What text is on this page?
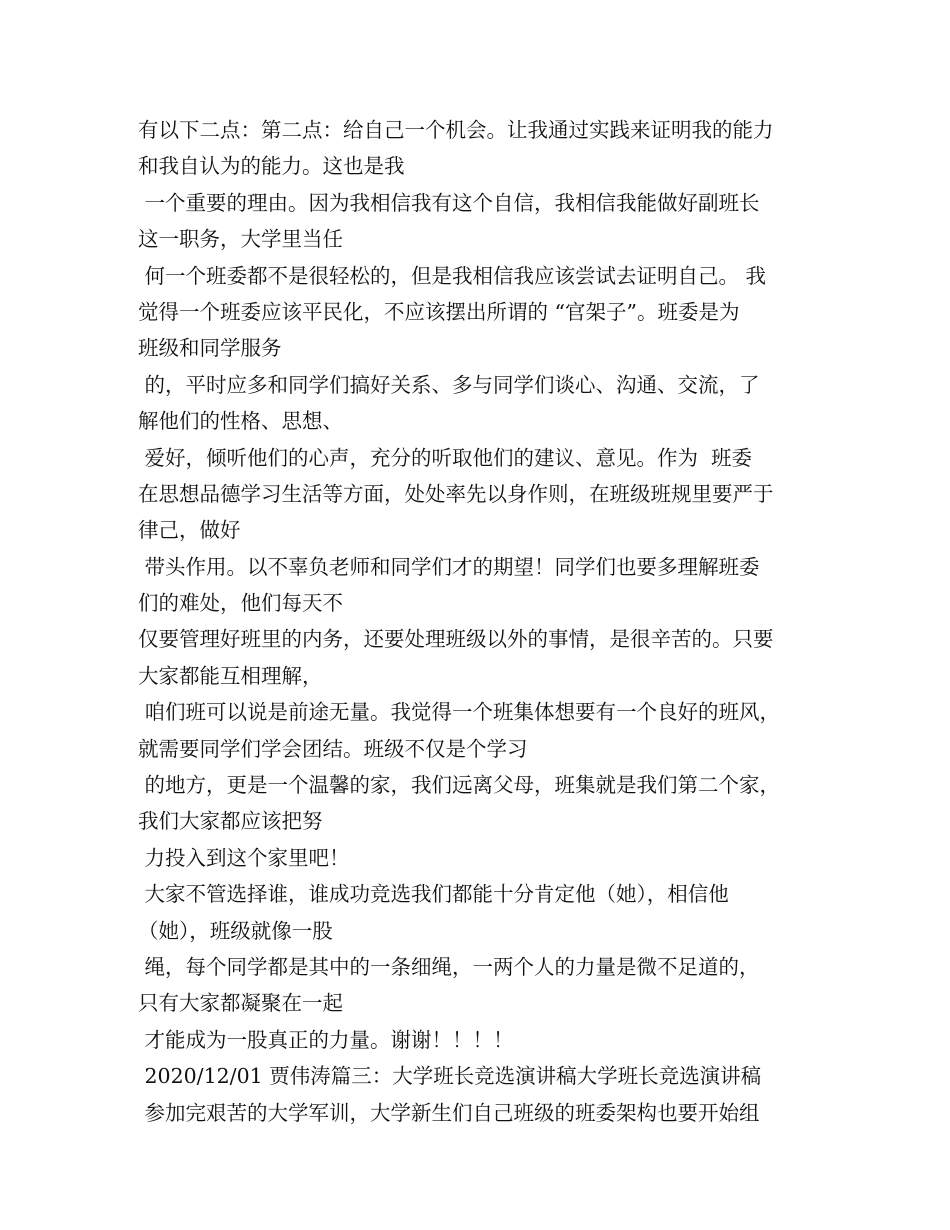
有以下二点：第二点：给自己一个机会。让我通过实践来证明我的能力
和我自认为的能力。这也是我
一个重要的理由。因为我相信我有这个自信，我相信我能做好副班长
这一职务，大学里当任
何一个班委都不是很轻松的，但是我相信我应该尝试去证明自己。 我
觉得一个班委应该平民化，不应该摆出所谓的 “官架子”。班委是为
班级和同学服务
的，平时应多和同学们搞好关系、多与同学们谈心、沟通、交流，了
解他们的性格、思想、
爱好，倾听他们的心声，充分的听取他们的建议、意见。作为  班委
在思想品德学习生活等方面，处处率先以身作则，在班级班规里要严于
律己，做好
带头作用。以不辜负老师和同学们才的期望！同学们也要多理解班委
们的难处，他们每天不
仅要管理好班里的内务，还要处理班级以外的事情，是很辛苦的。只要
大家都能互相理解，
咱们班可以说是前途无量。我觉得一个班集体想要有一个良好的班风，
就需要同学们学会团结。班级不仅是个学习
的地方，更是一个温馨的家，我们远离父母，班集就是我们第二个家，
我们大家都应该把努
力投入到这个家里吧！
大家不管选择谁，谁成功竞选我们都能十分肯定他（她），相信他
（她），班级就像一股
绳，每个同学都是其中的一条细绳，一两个人的力量是微不足道的，
只有大家都凝聚在一起
才能成为一股真正的力量。谢谢！！！！
2020/12/01 贾伟涛篇三：大学班长竞选演讲稿大学班长竞选演讲稿
参加完艰苦的大学军训，大学新生们自己班级的班委架构也要开始组
